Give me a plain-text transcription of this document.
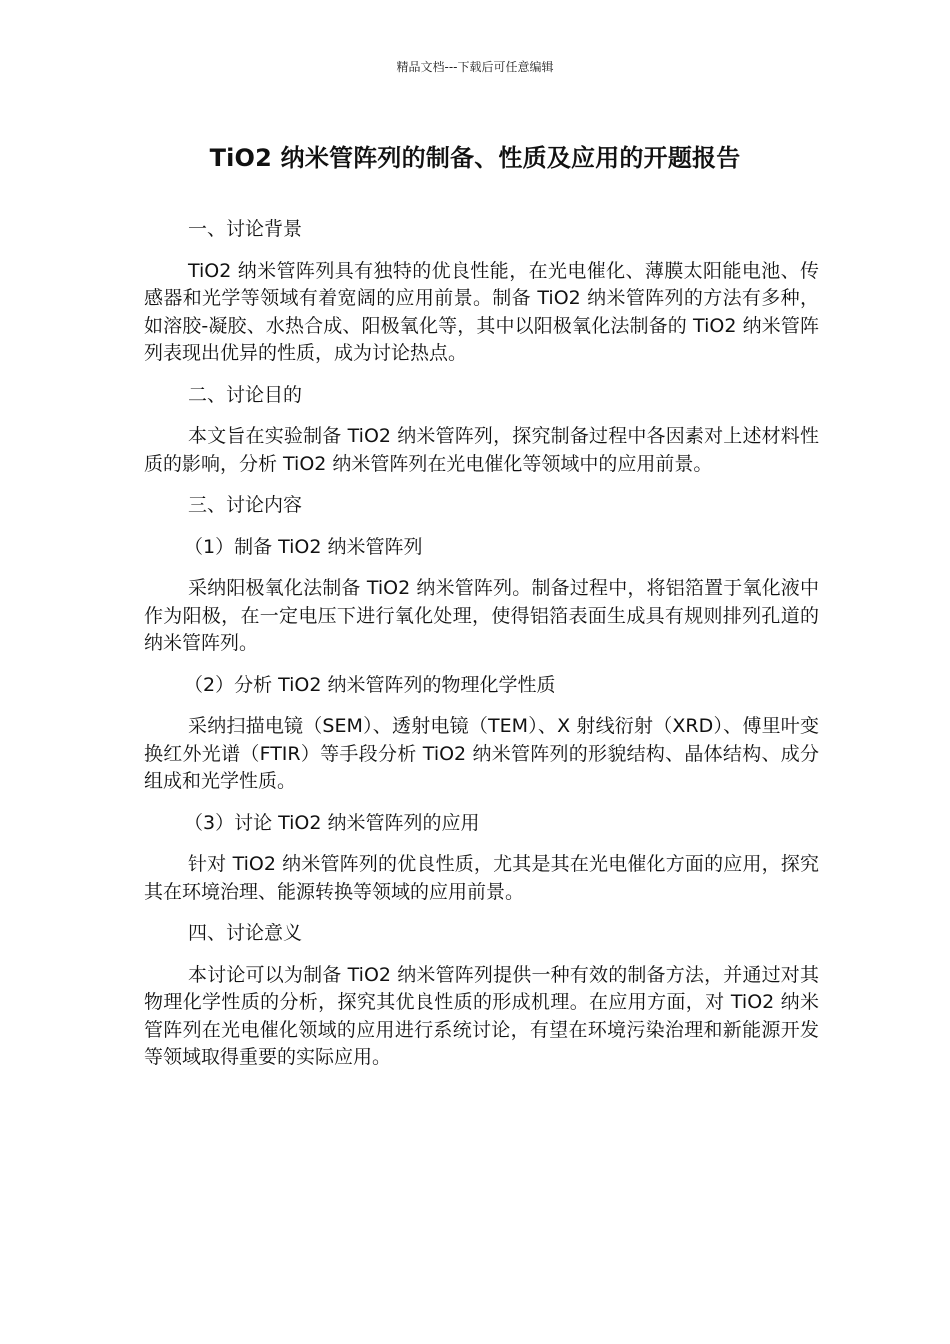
精品文档---下载后可任意编辑
TiO2 纳米管阵列的制备、性质及应用的开题报告
一、讨论背景
TiO2 纳米管阵列具有独特的优良性能，在光电催化、薄膜太阳能电池、传感器和光学等领域有着宽阔的应用前景。制备 TiO2 纳米管阵列的方法有多种，如溶胶-凝胶、水热合成、阳极氧化等，其中以阳极氧化法制备的 TiO2 纳米管阵列表现出优异的性质，成为讨论热点。
二、讨论目的
本文旨在实验制备 TiO2 纳米管阵列，探究制备过程中各因素对上述材料性质的影响，分析 TiO2 纳米管阵列在光电催化等领域中的应用前景。
三、讨论内容
（1）制备 TiO2 纳米管阵列
采纳阳极氧化法制备 TiO2 纳米管阵列。制备过程中，将铝箔置于氧化液中作为阳极，在一定电压下进行氧化处理，使得铝箔表面生成具有规则排列孔道的纳米管阵列。
（2）分析 TiO2 纳米管阵列的物理化学性质
采纳扫描电镜（SEM）、透射电镜（TEM）、X 射线衍射（XRD）、傅里叶变换红外光谱（FTIR）等手段分析 TiO2 纳米管阵列的形貌结构、晶体结构、成分组成和光学性质。
（3）讨论 TiO2 纳米管阵列的应用
针对 TiO2 纳米管阵列的优良性质，尤其是其在光电催化方面的应用，探究其在环境治理、能源转换等领域的应用前景。
四、讨论意义
本讨论可以为制备 TiO2 纳米管阵列提供一种有效的制备方法，并通过对其物理化学性质的分析，探究其优良性质的形成机理。在应用方面，对 TiO2 纳米管阵列在光电催化领域的应用进行系统讨论，有望在环境污染治理和新能源开发等领域取得重要的实际应用。
